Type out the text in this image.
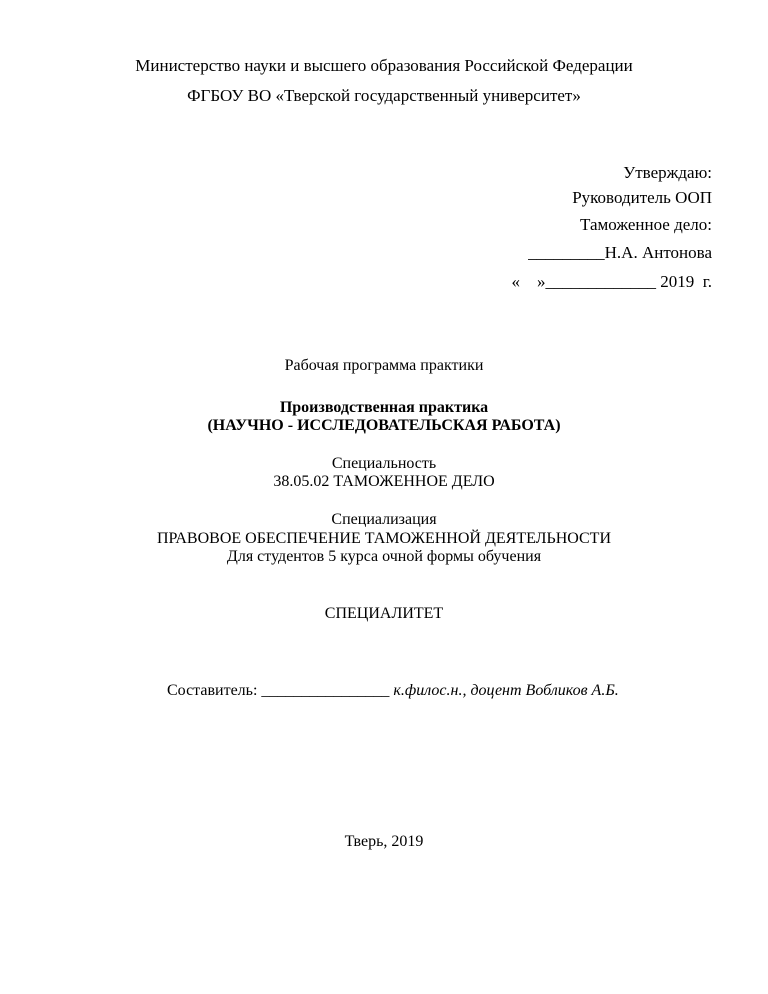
Министерство науки и высшего образования Российской Федерации
ФГБОУ ВО «Тверской государственный университет»
Утверждаю:
Руководитель ООП
Таможенное дело:
_________Н.А. Антонова
«    »_____________ 2019  г.
Рабочая программа практики
Производственная практика
(НАУЧНО - ИССЛЕДОВАТЕЛЬСКАЯ РАБОТА)
Специальность
38.05.02 ТАМОЖЕННОЕ ДЕЛО
Специализация
ПРАВОВОЕ ОБЕСПЕЧЕНИЕ ТАМОЖЕННОЙ ДЕЯТЕЛЬНОСТИ
Для студентов 5 курса очной формы обучения
СПЕЦИАЛИТЕТ
Составитель: ________________ к.филос.н., доцент Вобликов А.Б.
Тверь, 2019
